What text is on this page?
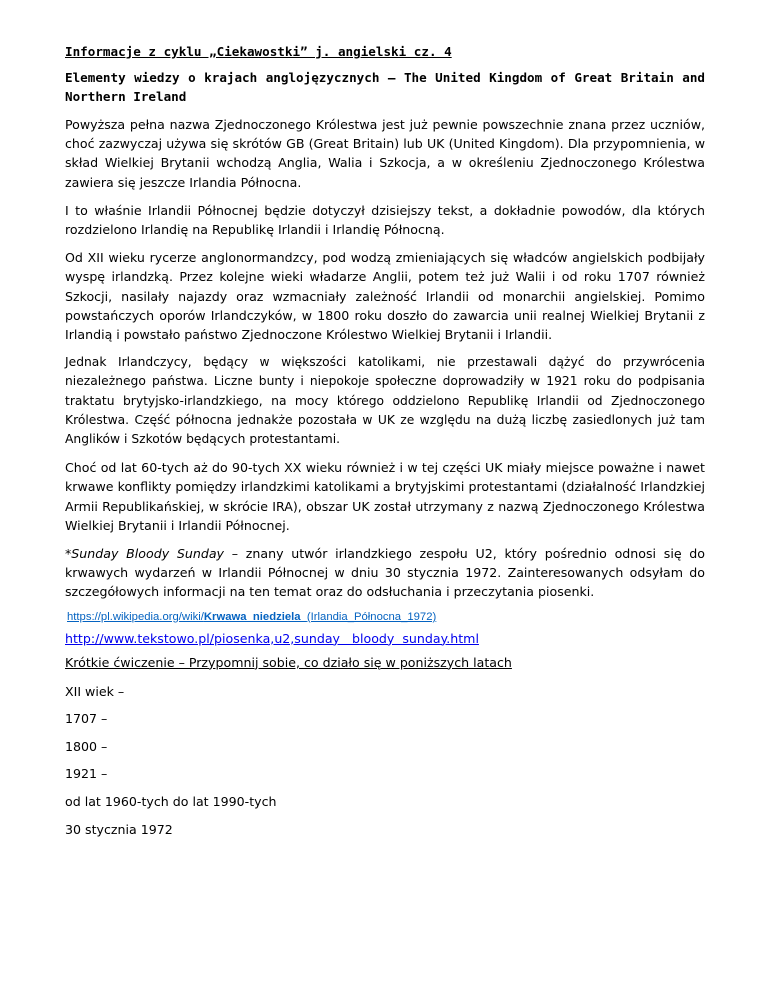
Informacje z cyklu „Ciekawostki” j. angielski cz. 4
Elementy wiedzy o krajach anglojęzycznych – The United Kingdom of Great Britain and Northern Ireland

Powyższa pełna nazwa Zjednoczonego Królestwa jest już pewnie powszechnie znana przez uczniów, choć zazwyczaj używa się skrótów GB (Great Britain) lub UK (United Kingdom). Dla przypomnienia, w skład Wielkiej Brytanii wchodzą Anglia, Walia i Szkocja, a w określeniu Zjednoczonego Królestwa zawiera się jeszcze Irlandia Północna.

I to właśnie Irlandii Północnej będzie dotyczył dzisiejszy tekst, a dokładnie powodów, dla których rozdzielono Irlandię na Republikę Irlandii i Irlandię Północną.

Od XII wieku rycerze anglonormandzcy, pod wodzą zmieniających się władców angielskich podbijały wyspę irlandzką. Przez kolejne wieki władarze Anglii, potem też już Walii i od roku 1707 również Szkocji, nasilały najazdy oraz wzmacniały zależność Irlandii od monarchii angielskiej. Pomimo powstańczych oporów Irlandczyków, w 1800 roku doszło do zawarcia unii realnej Wielkiej Brytanii z Irlandią i powstało państwo Zjednoczone Królestwo Wielkiej Brytanii i Irlandii.

Jednak Irlandczycy, będący w większości katolikami, nie przestawali dążyć do przywrócenia niezależnego państwa. Liczne bunty i niepokoje społeczne doprowadziły w 1921 roku do podpisania traktatu brytyjsko-irlandzkiego, na mocy którego oddzielono Republikę Irlandii od Zjednoczonego Królestwa. Część północna jednakże pozostała w UK ze względu na dużą liczbę zasiedlonych już tam Anglików i Szkotów będących protestantami.

Choć od lat 60-tych aż do 90-tych XX wieku również i w tej części UK miały miejsce poważne i nawet krwawe konflikty pomiędzy irlandzkimi katolikami a brytyjskimi protestantami (działalność Irlandzkiej Armii Republikańskiej, w skrócie IRA), obszar UK został utrzymany z nazwą Zjednoczonego Królestwa Wielkiej Brytanii i Irlandii Północnej.

*Sunday Bloody Sunday – znany utwór irlandzkiego zespołu U2, który pośrednio odnosi się do krwawych wydarzeń w Irlandii Północnej w dniu 30 stycznia 1972. Zainteresowanych odsyłam do szczegółowych informacji na ten temat oraz do odsłuchania i przeczytania piosenki.

https://pl.wikipedia.org/wiki/Krwawa_niedziela_(Irlandia_Północna_1972)
http://www.tekstowo.pl/piosenka,u2,sunday   bloody  sunday.html
Krótkie ćwiczenie – Przypomnij sobie, co działo się w poniższych latach
XII wiek –
1707 –
1800 –
1921 –
od lat 1960-tych do lat 1990-tych
30 stycznia 1972
